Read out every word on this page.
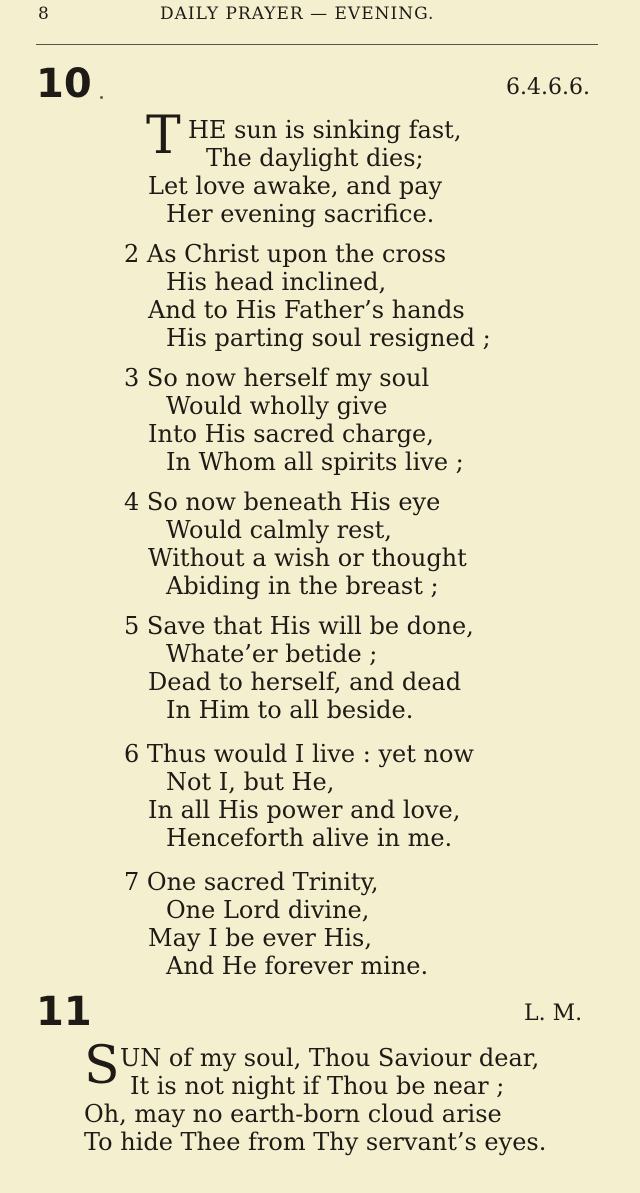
8	DAILY PRAYER — EVENING.
10	6.4.6.6.
T HE sun is sinking fast,
The daylight dies;
Let love awake, and pay
Her evening sacrifice.
2 As Christ upon the cross
His head inclined,
And to His Father’s hands
His parting soul resigned ;
3 So now herself my soul
Would wholly give
Into His sacred charge,
In Whom all spirits live ;
4 So now beneath His eye
Would calmly rest,
Without a wish or thought
Abiding in the breast ;
5 Save that His will be done,
Whate’er betide ;
Dead to herself, and dead
In Him to all beside.
6 Thus would I live : yet now
Not I, but He,
In all His power and love,
Henceforth alive in me.
7 One sacred Trinity,
One Lord divine,
May I be ever His,
And He forever mine.
11	L. M.
S UN of my soul, Thou Saviour dear,
It is not night if Thou be near ;
Oh, may no earth-born cloud arise
To hide Thee from Thy servant’s eyes.
